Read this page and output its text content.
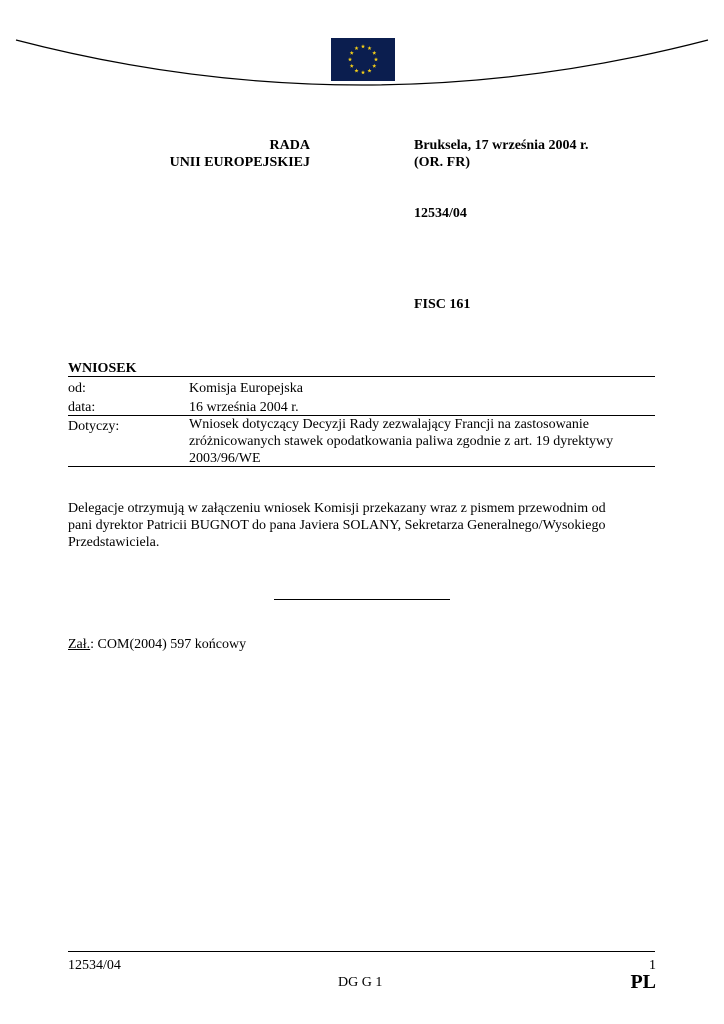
RADA
UNII EUROPEJSKIEJ
Bruksela, 17 września 2004 r.
(OR. FR)
12534/04
FISC 161
WNIOSEK
od:	Komisja Europejska
data:	16 września 2004 r.
Dotyczy:	Wniosek dotyczący Decyzji Rady zezwalający Francji na zastosowanie
zróżnicowanych stawek opodatkowania paliwa zgodnie z art. 19 dyrektywy
2003/96/WE
Delegacje otrzymują w załączeniu wniosek Komisji przekazany wraz z pismem przewodnim od
pani dyrektor Patricii BUGNOT do pana Javiera SOLANY, Sekretarza Generalnego/Wysokiego
Przedstawiciela.
Zał.: COM(2004) 597 końcowy
12534/04
DG G 1
1
PL
